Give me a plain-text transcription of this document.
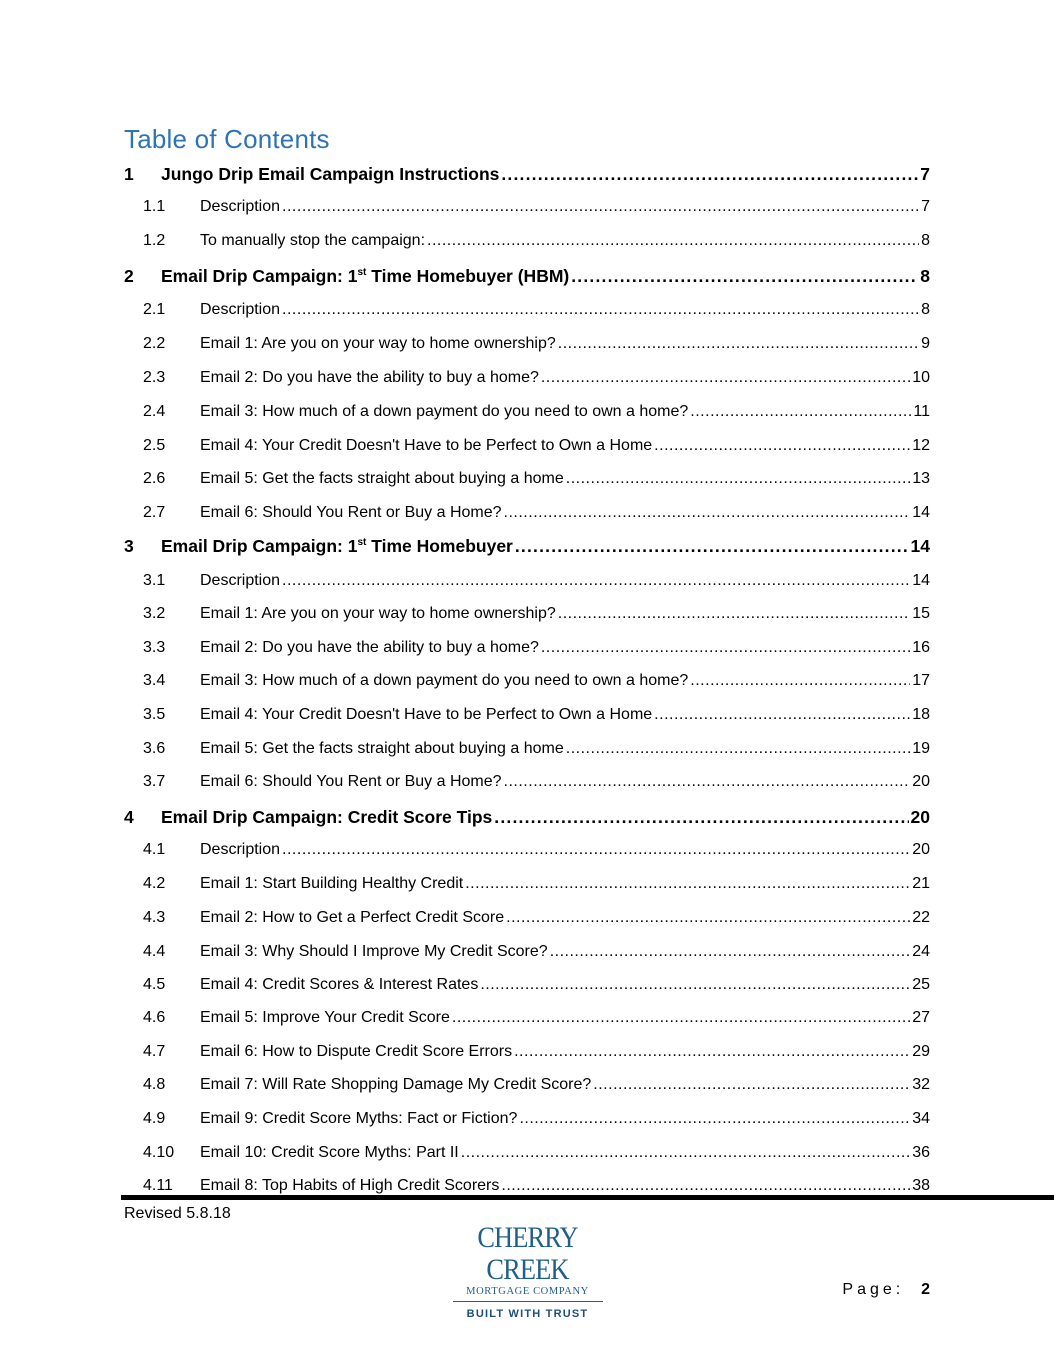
Table of Contents
1	Jungo Drip Email Campaign Instructions .....	7
1.1	Description .....	7
1.2	To manually stop the campaign: .....	8
2	Email Drip Campaign: 1st Time Homebuyer (HBM) .....	8
2.1	Description .....	8
2.2	Email 1: Are you on your way to home ownership? .....	9
2.3	Email 2: Do you have the ability to buy a home? .....	10
2.4	Email 3: How much of a down payment do you need to own a home? .....	11
2.5	Email 4: Your Credit Doesn't Have to be Perfect to Own a Home .....	12
2.6	Email 5: Get the facts straight about buying a home .....	13
2.7	Email 6: Should You Rent or Buy a Home? .....	14
3	Email Drip Campaign: 1st Time Homebuyer .....	14
3.1	Description .....	14
3.2	Email 1: Are you on your way to home ownership? .....	15
3.3	Email 2: Do you have the ability to buy a home? .....	16
3.4	Email 3: How much of a down payment do you need to own a home? .....	17
3.5	Email 4: Your Credit Doesn't Have to be Perfect to Own a Home .....	18
3.6	Email 5: Get the facts straight about buying a home .....	19
3.7	Email 6: Should You Rent or Buy a Home? .....	20
4	Email Drip Campaign: Credit Score Tips .....	20
4.1	Description .....	20
4.2	Email 1: Start Building Healthy Credit .....	21
4.3	Email 2: How to Get a Perfect Credit Score .....	22
4.4	Email 3: Why Should I Improve My Credit Score? .....	24
4.5	Email 4: Credit Scores & Interest Rates .....	25
4.6	Email 5: Improve Your Credit Score .....	27
4.7	Email 6: How to Dispute Credit Score Errors .....	29
4.8	Email 7: Will Rate Shopping Damage My Credit Score? .....	32
4.9	Email 9: Credit Score Myths: Fact or Fiction? .....	34
4.10	Email 10: Credit Score Myths: Part II .....	36
4.11	Email 8: Top Habits of High Credit Scorers .....	38
Revised 5.8.18
CHERRY CREEK
MORTGAGE COMPANY
BUILT WITH TRUST
Page: 2
